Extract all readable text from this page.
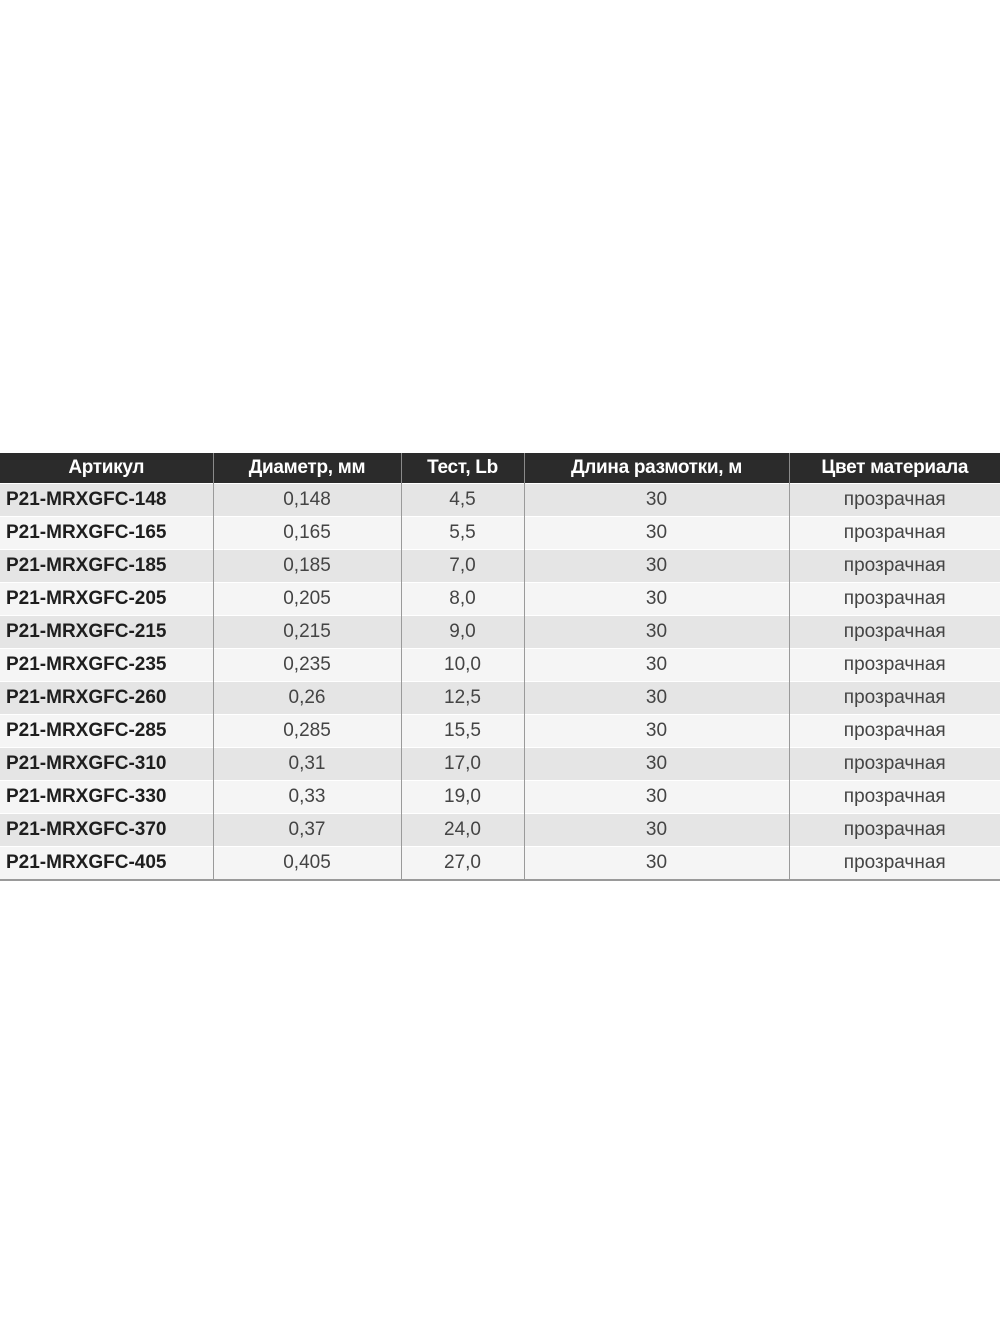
Артикул	Диаметр, мм	Тест, Lb	Длина размотки, м	Цвет материала
P21-MRXGFC-148	0,148	4,5	30	прозрачная
P21-MRXGFC-165	0,165	5,5	30	прозрачная
P21-MRXGFC-185	0,185	7,0	30	прозрачная
P21-MRXGFC-205	0,205	8,0	30	прозрачная
P21-MRXGFC-215	0,215	9,0	30	прозрачная
P21-MRXGFC-235	0,235	10,0	30	прозрачная
P21-MRXGFC-260	0,26	12,5	30	прозрачная
P21-MRXGFC-285	0,285	15,5	30	прозрачная
P21-MRXGFC-310	0,31	17,0	30	прозрачная
P21-MRXGFC-330	0,33	19,0	30	прозрачная
P21-MRXGFC-370	0,37	24,0	30	прозрачная
P21-MRXGFC-405	0,405	27,0	30	прозрачная
